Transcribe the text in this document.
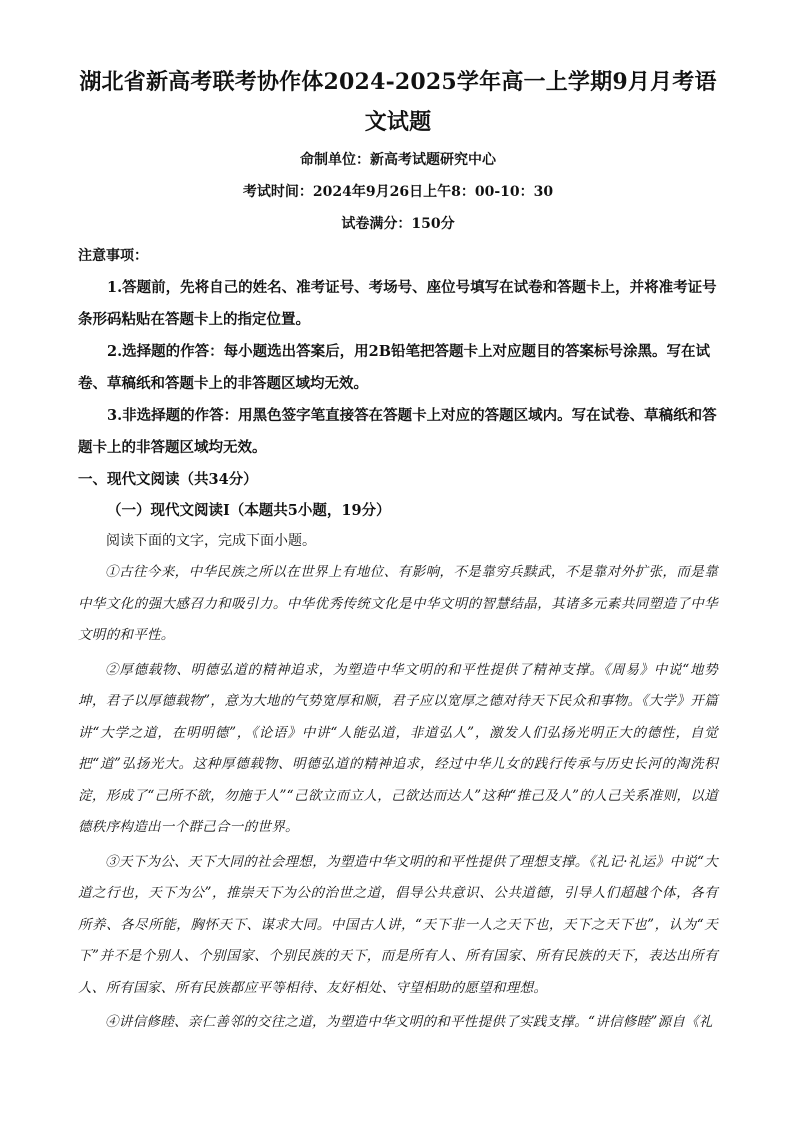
湖北省新高考联考协作体2024-2025学年高一上学期9月月考语文试题

命制单位：新高考试题研究中心

考试时间：2024年9月26日上午8：00-10：30

试卷满分：150分

注意事项：

1.答题前，先将自己的姓名、准考证号、考场号、座位号填写在试卷和答题卡上，并将准考证号条形码粘贴在答题卡上的指定位置。

2.选择题的作答：每小题选出答案后，用2B铅笔把答题卡上对应题目的答案标号涂黑。写在试卷、草稿纸和答题卡上的非答题区域均无效。

3.非选择题的作答：用黑色签字笔直接答在答题卡上对应的答题区域内。写在试卷、草稿纸和答题卡上的非答题区域均无效。

一、现代文阅读（共34分）

（一）现代文阅读Ⅰ（本题共5小题，19分）

阅读下面的文字，完成下面小题。

①古往今来，中华民族之所以在世界上有地位、有影响，不是靠穷兵黩武，不是靠对外扩张，而是靠中华文化的强大感召力和吸引力。中华优秀传统文化是中华文明的智慧结晶，其诸多元素共同塑造了中华文明的和平性。

②厚德载物、明德弘道的精神追求，为塑造中华文明的和平性提供了精神支撑。《周易》中说“地势坤，君子以厚德载物”，意为大地的气势宽厚和顺，君子应以宽厚之德对待天下民众和事物。《大学》开篇讲“大学之道，在明明德”，《论语》中讲“人能弘道，非道弘人”，激发人们弘扬光明正大的德性，自觉把“道”弘扬光大。这种厚德载物、明德弘道的精神追求，经过中华儿女的践行传承与历史长河的淘洗积淀，形成了“己所不欲，勿施于人”“己欲立而立人，己欲达而达人”这种“推己及人”的人己关系准则，以道德秩序构造出一个群己合一的世界。

③天下为公、天下大同的社会理想，为塑造中华文明的和平性提供了理想支撑。《礼记·礼运》中说“大道之行也，天下为公”，推崇天下为公的治世之道，倡导公共意识、公共道德，引导人们超越个体，各有所养、各尽所能，胸怀天下、谋求大同。中国古人讲，“天下非一人之天下也，天下之天下也”，认为“天下”并不是个别人、个别国家、个别民族的天下，而是所有人、所有国家、所有民族的天下，表达出所有人、所有国家、所有民族都应平等相待、友好相处、守望相助的愿望和理想。

④讲信修睦、亲仁善邻的交往之道，为塑造中华文明的和平性提供了实践支撑。“讲信修睦”源自《礼
